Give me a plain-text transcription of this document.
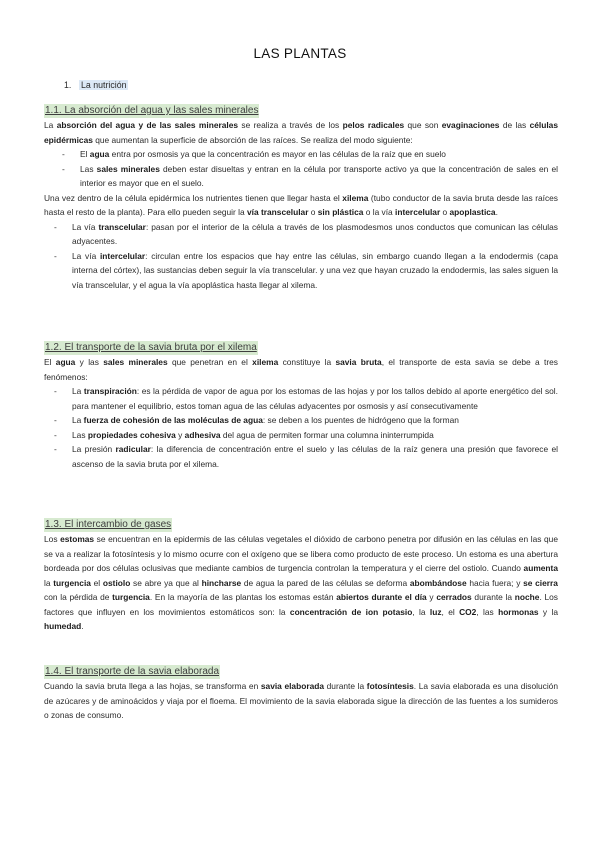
LAS PLANTAS
1. La nutrición
1.1. La absorción del agua y las sales minerales

La absorción del agua y de las sales minerales se realiza a través de los pelos radicales que son evaginaciones de las células epidérmicas que aumentan la superficie de absorción de las raíces. Se realiza del modo siguiente:

- El agua entra por osmosis ya que la concentración es mayor en las células de la raíz que en suelo
- Las sales minerales deben estar disueltas y entran en la célula por transporte activo ya que la concentración de sales en el interior es mayor que en el suelo.

Una vez dentro de la célula epidérmica los nutrientes tienen que llegar hasta el xilema (tubo conductor de la savia bruta desde las raíces hasta el resto de la planta). Para ello pueden seguir la vía transcelular o sin plástica o la vía intercelular o apoplastica.

- La vía transcelular: pasan por el interior de la célula a través de los plasmodesmos unos conductos que comunican las células adyacentes.
- La vía intercelular: circulan entre los espacios que hay entre las células, sin embargo cuando llegan a la endodermis (capa interna del córtex), las sustancias deben seguir la vía transcelular. y una vez que hayan cruzado la endodermis, las sales siguen la vía transcelular, y el agua la vía apoplástica hasta llegar al xilema.
1.2. El transporte de la savia bruta por el xilema

El agua y las sales minerales que penetran en el xilema constituye la savia bruta, el transporte de esta savia se debe a tres fenómenos:

- La transpiración: es la pérdida de vapor de agua por los estomas de las hojas y por los tallos debido al aporte energético del sol. para mantener el equilibrio, estos toman agua de las células adyacentes por osmosis y así consecutivamente
- La fuerza de cohesión de las moléculas de agua: se deben a los puentes de hidrógeno que la forman
- Las propiedades cohesiva y adhesiva del agua de permiten formar una columna ininterrumpida
- La presión radicular: la diferencia de concentración entre el suelo y las células de la raíz genera una presión que favorece el ascenso de la savia bruta por el xilema.
1.3. El intercambio de gases

Los estomas se encuentran en la epidermis de las células vegetales el dióxido de carbono penetra por difusión en las células en las que se va a realizar la fotosíntesis y lo mismo ocurre con el oxígeno que se libera como producto de este proceso. Un estoma es una abertura bordeada por dos células oclusivas que mediante cambios de turgencia controlan la temperatura y el cierre del ostiolo. Cuando aumenta la turgencia el ostiolo se abre ya que al hincharse de agua la pared de las células se deforma abombándose hacia fuera; y se cierra con la pérdida de turgencia. En la mayoría de las plantas los estomas están abiertos durante el día y cerrados durante la noche. Los factores que influyen en los movimientos estomáticos son: la concentración de ion potasio, la luz, el CO2, las hormonas y la humedad.

1.4. El transporte de la savia elaborada

Cuando la savia bruta llega a las hojas, se transforma en savia elaborada durante la fotosíntesis. La savia elaborada es una disolución de azúcares y de aminoácidos y viaja por el floema. El movimiento de la savia elaborada sigue la dirección de las fuentes a los sumideros o zonas de consumo.
